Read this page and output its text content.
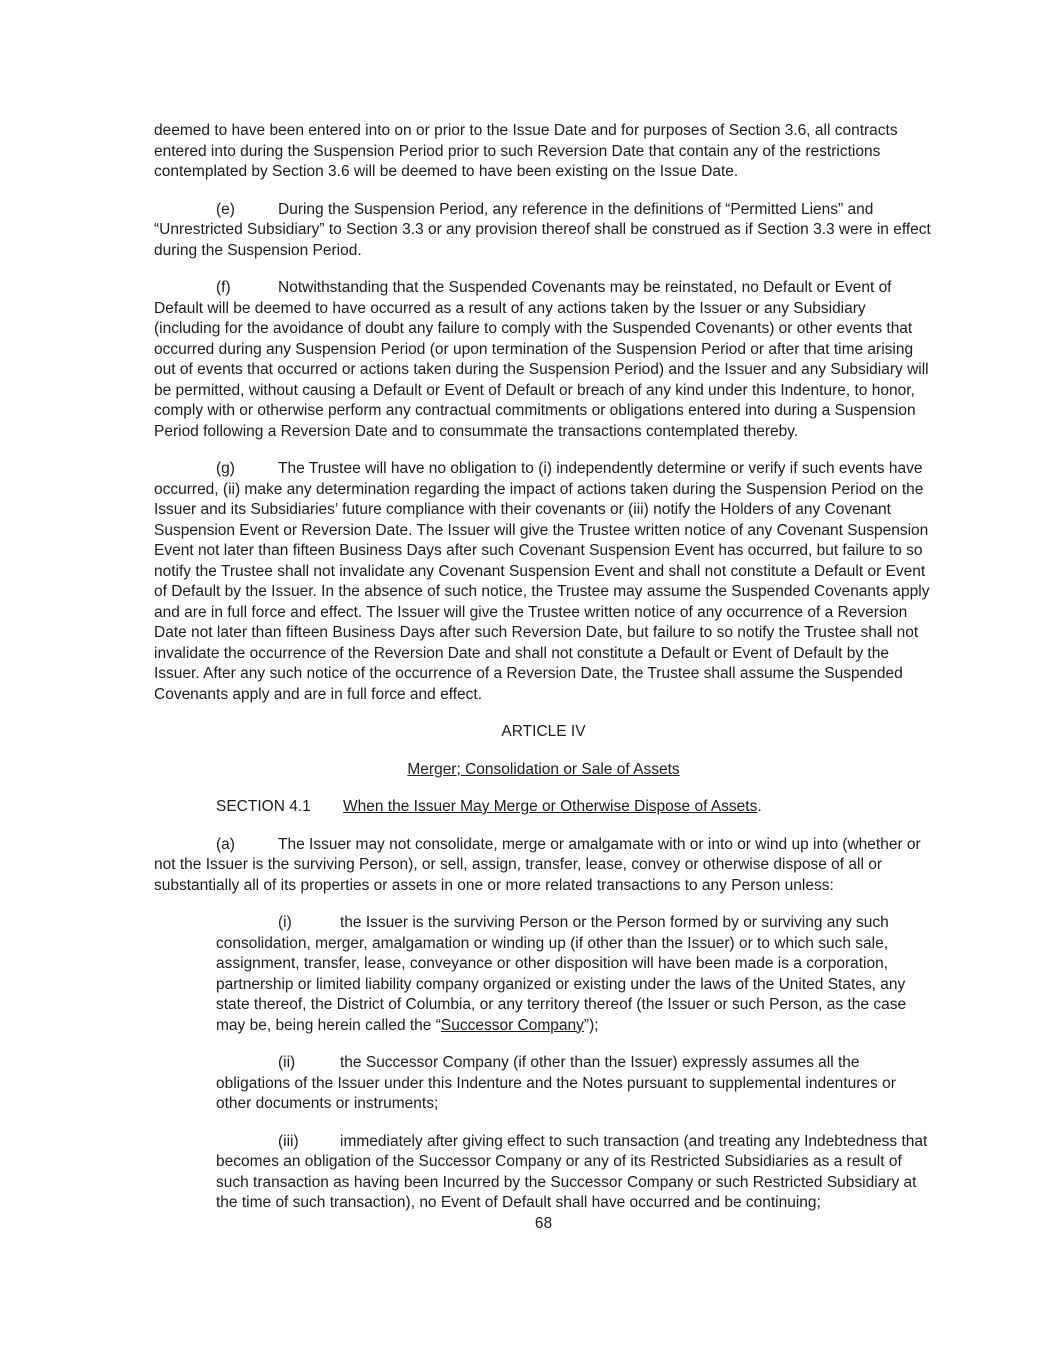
deemed to have been entered into on or prior to the Issue Date and for purposes of Section 3.6, all contracts entered into during the Suspension Period prior to such Reversion Date that contain any of the restrictions contemplated by Section 3.6 will be deemed to have been existing on the Issue Date.

(e)	During the Suspension Period, any reference in the definitions of “Permitted Liens” and “Unrestricted Subsidiary” to Section 3.3 or any provision thereof shall be construed as if Section 3.3 were in effect during the Suspension Period.

(f)	Notwithstanding that the Suspended Covenants may be reinstated, no Default or Event of Default will be deemed to have occurred as a result of any actions taken by the Issuer or any Subsidiary (including for the avoidance of doubt any failure to comply with the Suspended Covenants) or other events that occurred during any Suspension Period (or upon termination of the Suspension Period or after that time arising out of events that occurred or actions taken during the Suspension Period) and the Issuer and any Subsidiary will be permitted, without causing a Default or Event of Default or breach of any kind under this Indenture, to honor, comply with or otherwise perform any contractual commitments or obligations entered into during a Suspension Period following a Reversion Date and to consummate the transactions contemplated thereby.

(g)	The Trustee will have no obligation to (i) independently determine or verify if such events have occurred, (ii) make any determination regarding the impact of actions taken during the Suspension Period on the Issuer and its Subsidiaries’ future compliance with their covenants or (iii) notify the Holders of any Covenant Suspension Event or Reversion Date. The Issuer will give the Trustee written notice of any Covenant Suspension Event not later than fifteen Business Days after such Covenant Suspension Event has occurred, but failure to so notify the Trustee shall not invalidate any Covenant Suspension Event and shall not constitute a Default or Event of Default by the Issuer. In the absence of such notice, the Trustee may assume the Suspended Covenants apply and are in full force and effect. The Issuer will give the Trustee written notice of any occurrence of a Reversion Date not later than fifteen Business Days after such Reversion Date, but failure to so notify the Trustee shall not invalidate the occurrence of the Reversion Date and shall not constitute a Default or Event of Default by the Issuer. After any such notice of the occurrence of a Reversion Date, the Trustee shall assume the Suspended Covenants apply and are in full force and effect.

ARTICLE IV

Merger; Consolidation or Sale of Assets

SECTION 4.1 When the Issuer May Merge or Otherwise Dispose of Assets.

(a)	The Issuer may not consolidate, merge or amalgamate with or into or wind up into (whether or not the Issuer is the surviving Person), or sell, assign, transfer, lease, convey or otherwise dispose of all or substantially all of its properties or assets in one or more related transactions to any Person unless:

(i)	the Issuer is the surviving Person or the Person formed by or surviving any such consolidation, merger, amalgamation or winding up (if other than the Issuer) or to which such sale, assignment, transfer, lease, conveyance or other disposition will have been made is a corporation, partnership or limited liability company organized or existing under the laws of the United States, any state thereof, the District of Columbia, or any territory thereof (the Issuer or such Person, as the case may be, being herein called the “Successor Company”);

(ii)	the Successor Company (if other than the Issuer) expressly assumes all the obligations of the Issuer under this Indenture and the Notes pursuant to supplemental indentures or other documents or instruments;

(iii)	immediately after giving effect to such transaction (and treating any Indebtedness that becomes an obligation of the Successor Company or any of its Restricted Subsidiaries as a result of such transaction as having been Incurred by the Successor Company or such Restricted Subsidiary at the time of such transaction), no Event of Default shall have occurred and be continuing;

68
